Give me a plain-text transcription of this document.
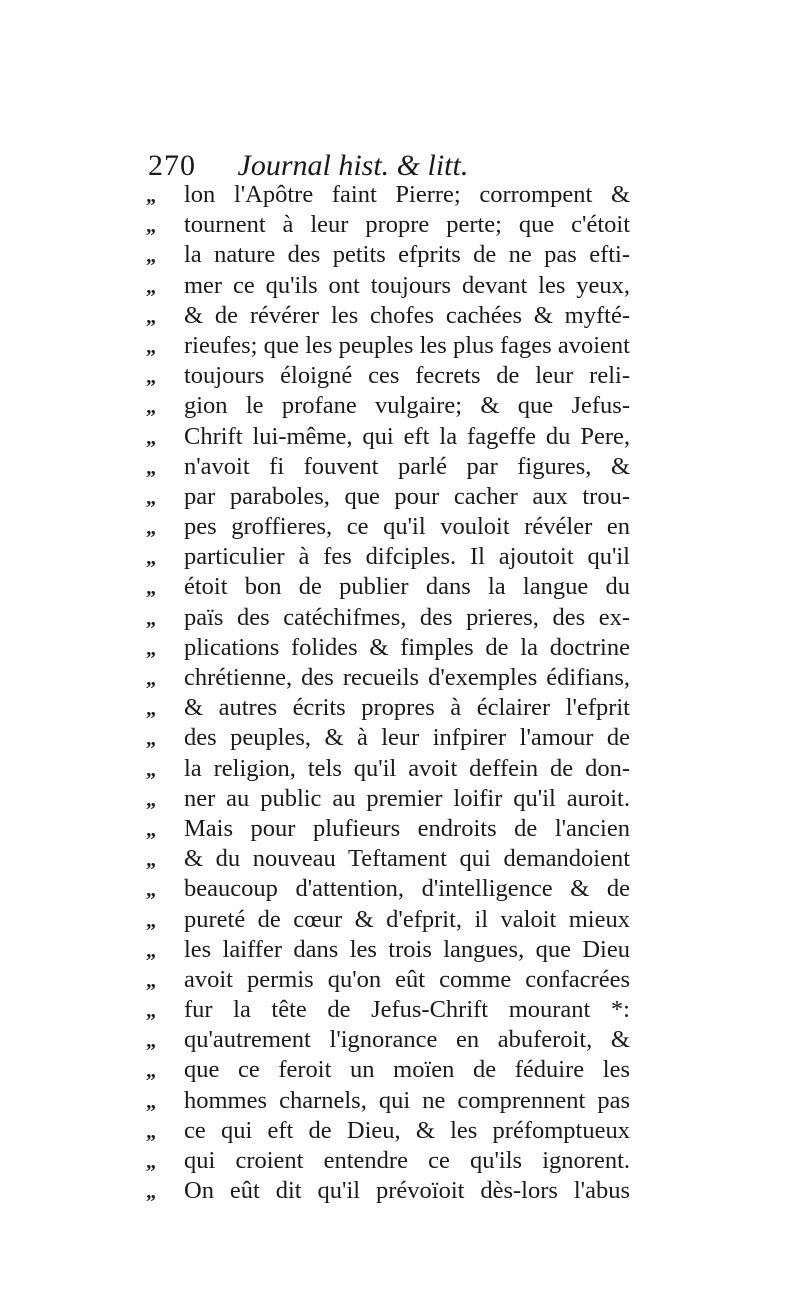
270 Journal hist. & litt.
„	lon l'Apôtre faint Pierre; corrompent &
„	tournent à leur propre perte; que c'étoit
„	la nature des petits efprits de ne pas efti-
„	mer ce qu'ils ont toujours devant les yeux,
„	& de révérer les chofes cachées & myfté-
„	rieufes; que les peuples les plus fages avoient
„	toujours éloigné ces fecrets de leur reli-
„	gion le profane vulgaire; & que Jefus-
„	Chrift lui-même, qui eft la fageffe du Pere,
„	n'avoit fi fouvent parlé par figures, &
„	par paraboles, que pour cacher aux trou-
„	pes groffieres, ce qu'il vouloit révéler en
„	particulier à fes difciples. Il ajoutoit qu'il
„	étoit bon de publier dans la langue du
„	païs des catéchifmes, des prieres, des ex-
„	plications folides & fimples de la doctrine
„	chrétienne, des recueils d'exemples édifians,
„	& autres écrits propres à éclairer l'efprit
„	des peuples, & à leur infpirer l'amour de
„	la religion, tels qu'il avoit deffein de don-
„	ner au public au premier loifir qu'il auroit.
„	Mais pour plufieurs endroits de l'ancien
„	& du nouveau Teftament qui demandoient
„	beaucoup d'attention, d'intelligence & de
„	pureté de cœur & d'efprit, il valoit mieux
„	les laiffer dans les trois langues, que Dieu
„	avoit permis qu'on eût comme confacrées
„	fur la tête de Jefus-Chrift mourant *:
„	qu'autrement l'ignorance en abuferoit, &
„	que ce feroit un moïen de féduire les
„	hommes charnels, qui ne comprennent pas
„	ce qui eft de Dieu, & les préfomptueux
„	qui croient entendre ce qu'ils ignorent.
„	On eût dit qu'il prévoïoit dès-lors l'abus
